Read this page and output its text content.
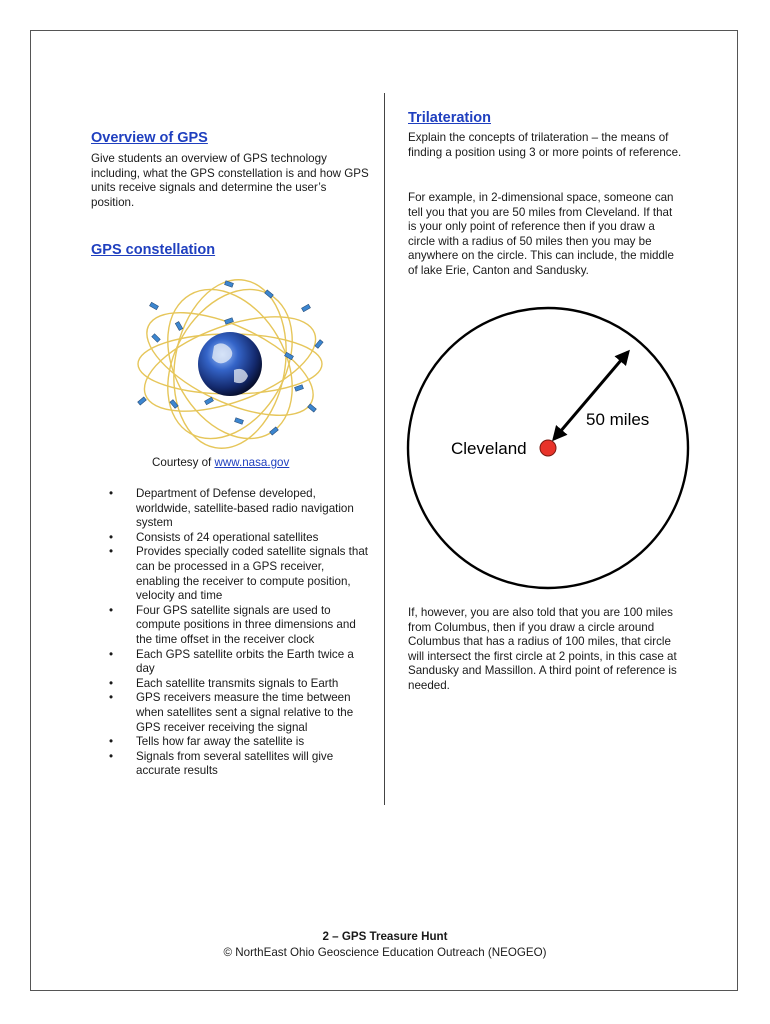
Overview of GPS

Give students an overview of GPS technology including, what the GPS constellation is and how GPS units receive signals and determine the user’s position.

GPS constellation

Courtesy of www.nasa.gov

• Department of Defense developed, worldwide, satellite-based radio navigation system
• Consists of 24 operational satellites
• Provides specially coded satellite signals that can be processed in a GPS receiver, enabling the receiver to compute position, velocity and time
• Four GPS satellite signals are used to compute positions in three dimensions and the time offset in the receiver clock
• Each GPS satellite orbits the Earth twice a day
• Each satellite transmits signals to Earth
• GPS receivers measure the time between when satellites sent a signal relative to the GPS receiver receiving the signal
• Tells how far away the satellite is
• Signals from several satellites will give accurate results
Trilateration

Explain the concepts of trilateration – the means of finding a position using 3 or more points of reference.

For example, in 2-dimensional space, someone can tell you that you are 50 miles from Cleveland. If that is your only point of reference then if you draw a circle with a radius of 50 miles then you may be anywhere on the circle. This can include, the middle of lake Erie, Canton and Sandusky.

Cleveland
50 miles

If, however, you are also told that you are 100 miles from Columbus, then if you draw a circle around Columbus that has a radius of 100 miles, that circle will intersect the first circle at 2 points, in this case at Sandusky and Massillon. A third point of reference is needed.

2 – GPS Treasure Hunt

© NorthEast Ohio Geoscience Education Outreach (NEOGEO)
